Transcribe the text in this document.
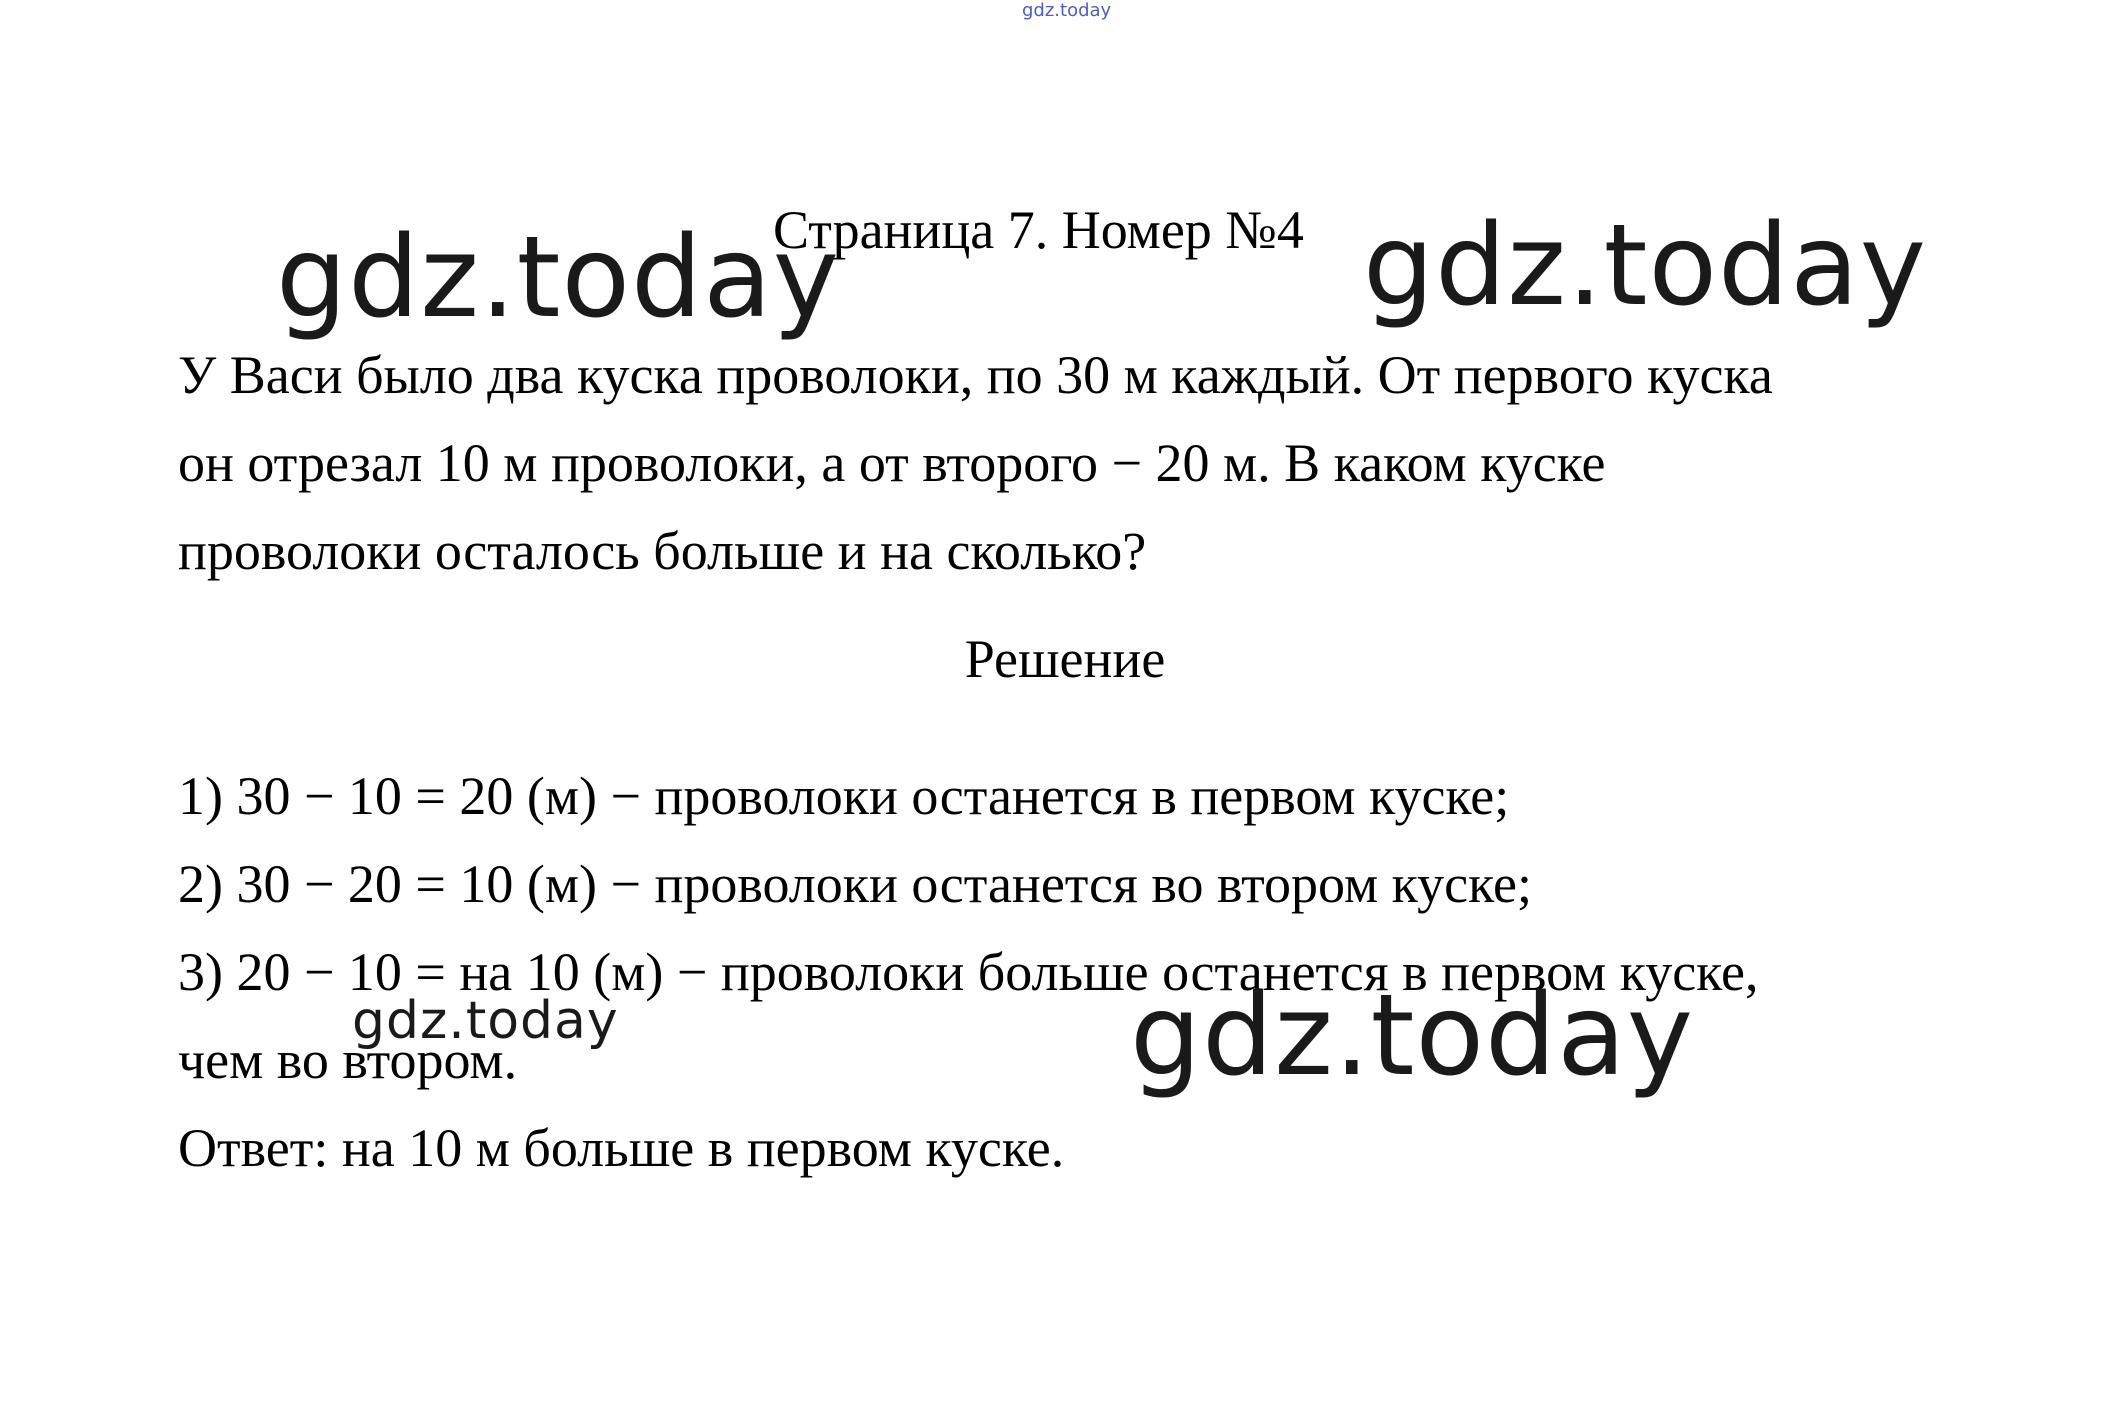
gdz.today
gdz.today
Страница 7. Номер №4 gdz.today
У Васи было два куска проволоки, по 30 м каждый. От первого куска
он отрезал 10 м проволоки, а от второго − 20 м. В каком куске
проволоки осталось больше и на сколько?
Решение
1) 30 − 10 = 20 (м) − проволоки останется в первом куске;
2) 30 − 20 = 10 (м) − проволоки останется во втором куске;
3) 20 − 10 = на 10 (м) − проволоки больше останется в первом куске,
чем во втором.
Ответ: на 10 м больше в первом куске.
gdz.today	gdz.today
